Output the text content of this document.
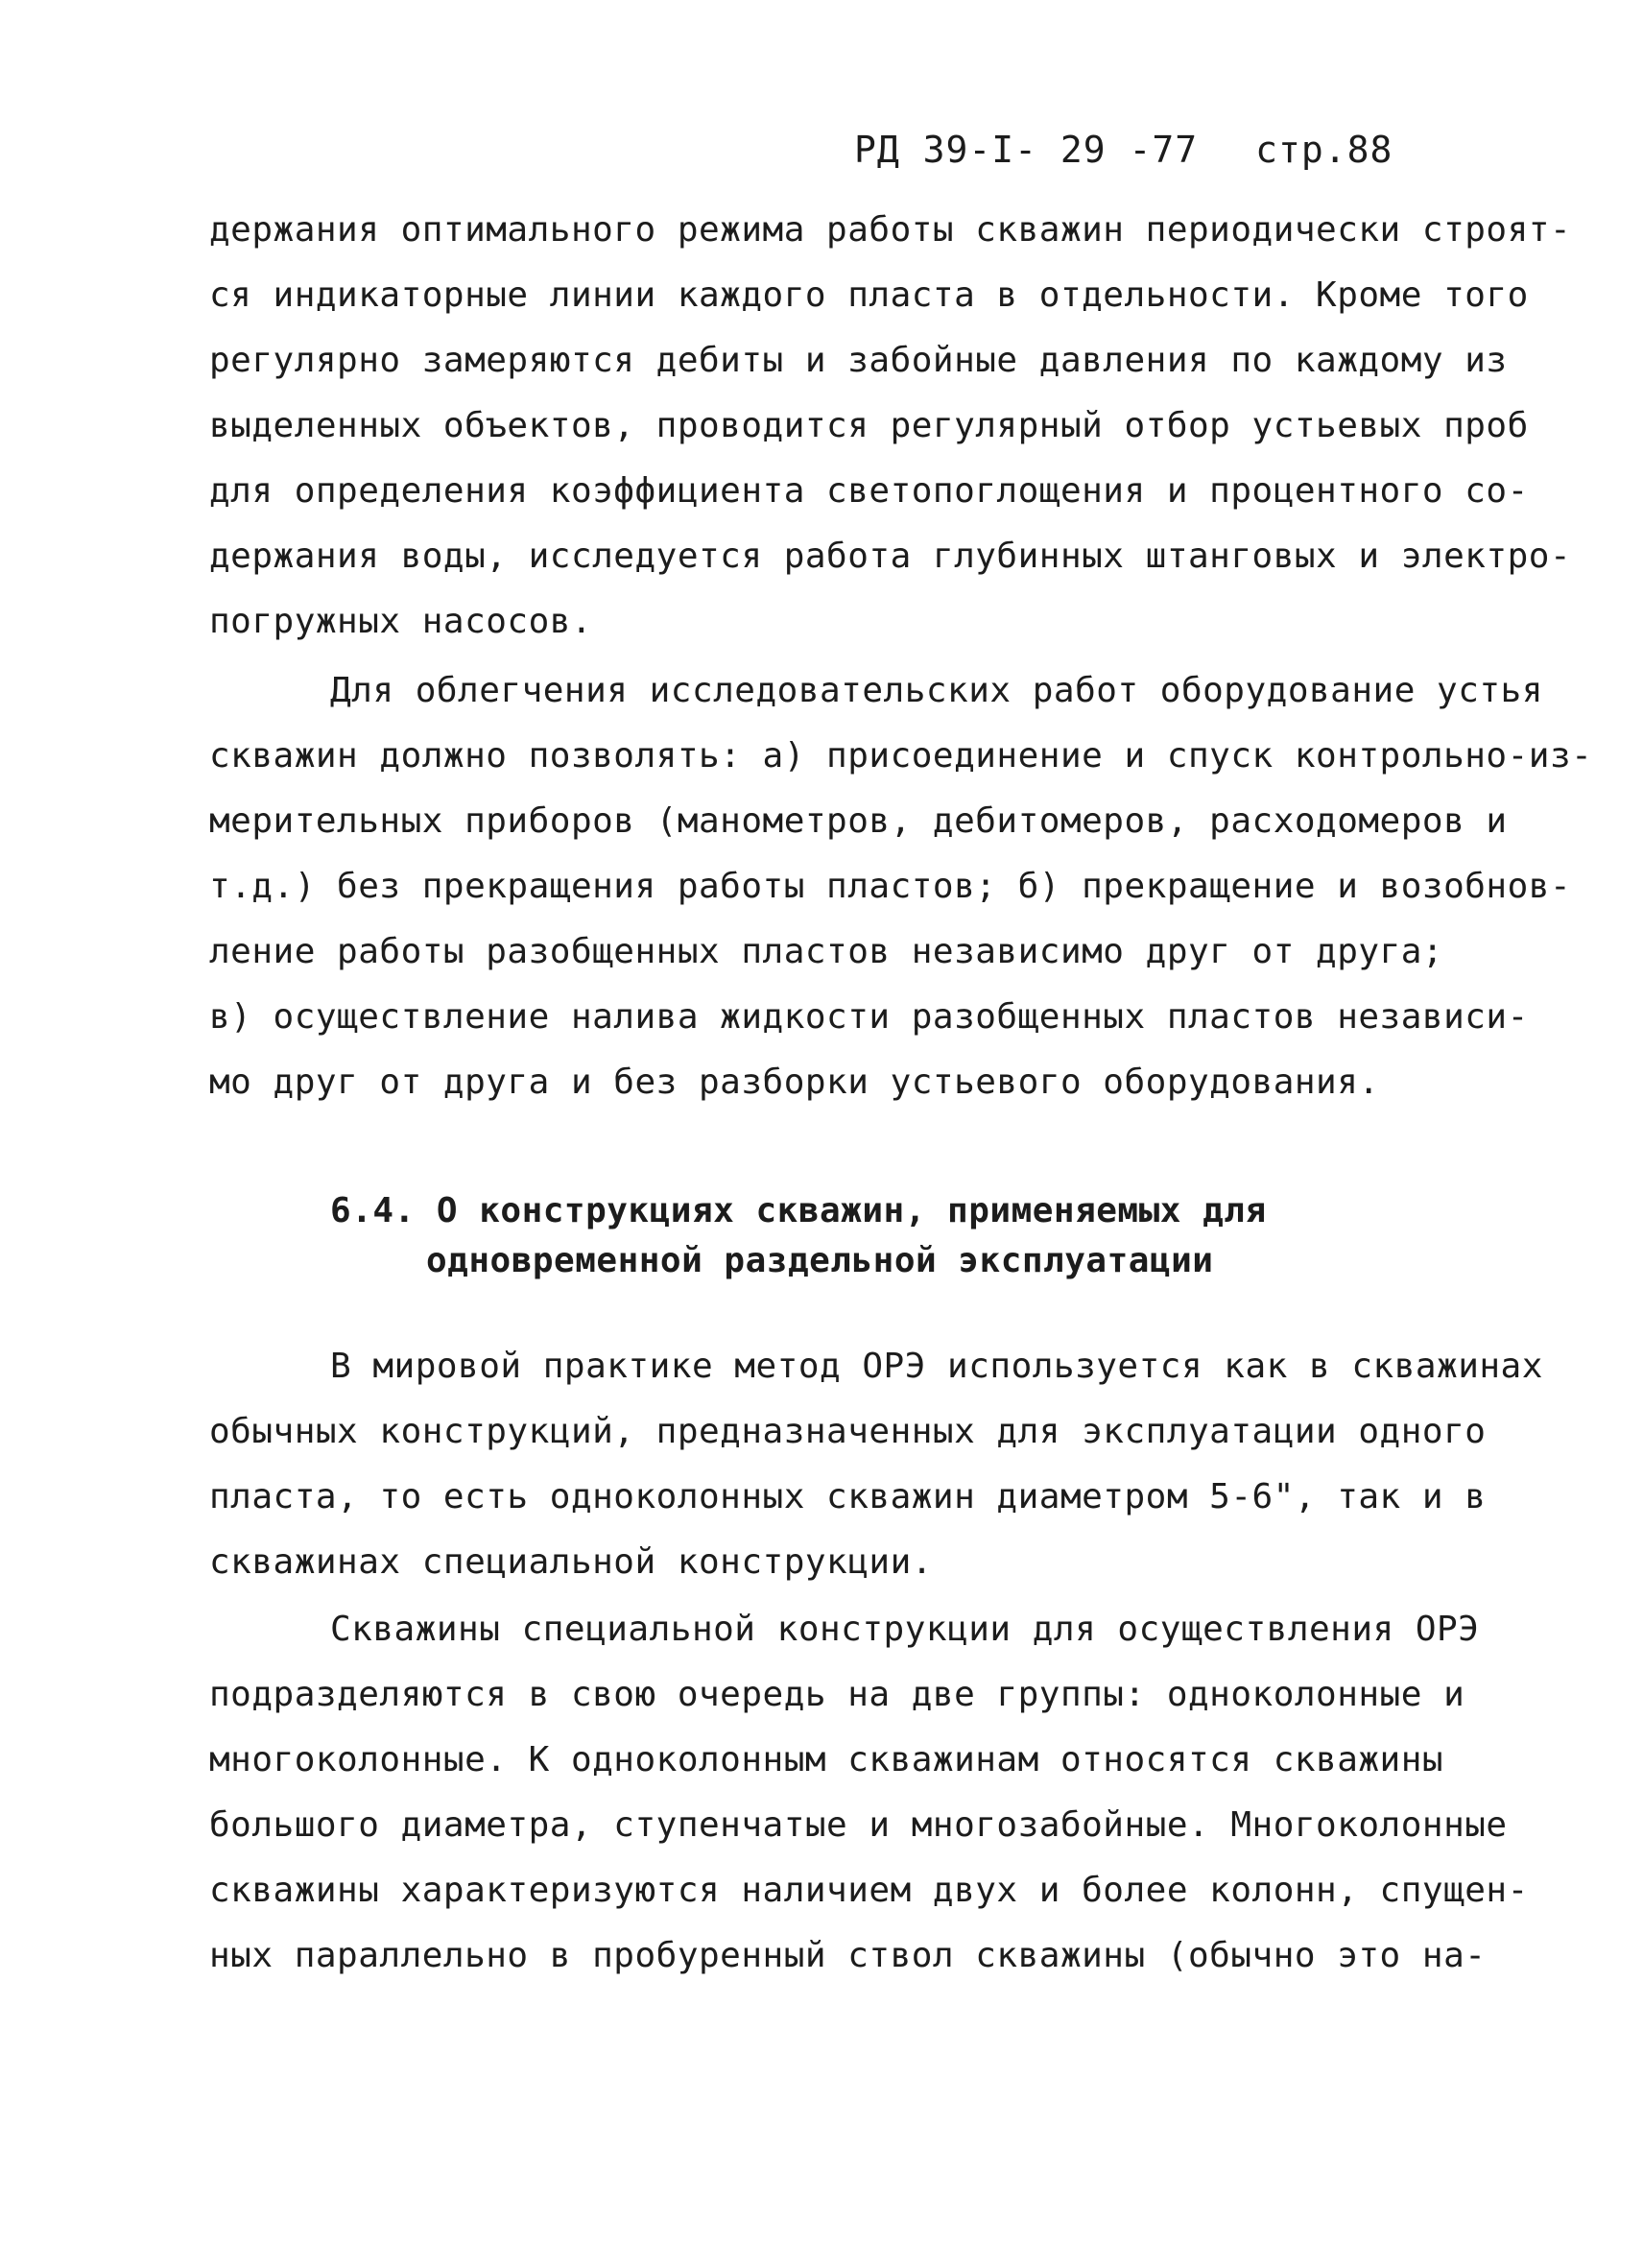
РД 39-I- 29 -77 стр.88
держания оптимального режима работы скважин периодически строят-
ся индикаторные линии каждого пласта в отдельности. Кроме того
регулярно замеряются дебиты и забойные давления по каждому из
выделенных объектов, проводится регулярный отбор устьевых проб
для определения коэффициента светопоглощения и процентного со-
держания воды, исследуется работа глубинных штанговых и электро-
погружных насосов.
Для облегчения исследовательских работ оборудование устья
скважин должно позволять: а) присоединение и спуск контрольно-из-
мерительных приборов (манометров, дебитомеров, расходомеров и
т.д.) без прекращения работы пластов; б) прекращение и возобнов-
ление работы разобщенных пластов независимо друг от друга;
в) осуществление налива жидкости разобщенных пластов независи-
мо друг от друга и без разборки устьевого оборудования.
6.4. О конструкциях скважин, применяемых для
одновременной раздельной эксплуатации
В мировой практике метод ОРЭ используется как в скважинах
обычных конструкций, предназначенных для эксплуатации одного
пласта, то есть одноколонных скважин диаметром 5-6", так и в
скважинах специальной конструкции.
Скважины специальной конструкции для осуществления ОРЭ
подразделяются в свою очередь на две группы: одноколонные и
многоколонные. К одноколонным скважинам относятся скважины
большого диаметра, ступенчатые и многозабойные. Многоколонные
скважины характеризуются наличием двух и более колонн, спущен-
ных параллельно в пробуренный ствол скважины (обычно это на-
